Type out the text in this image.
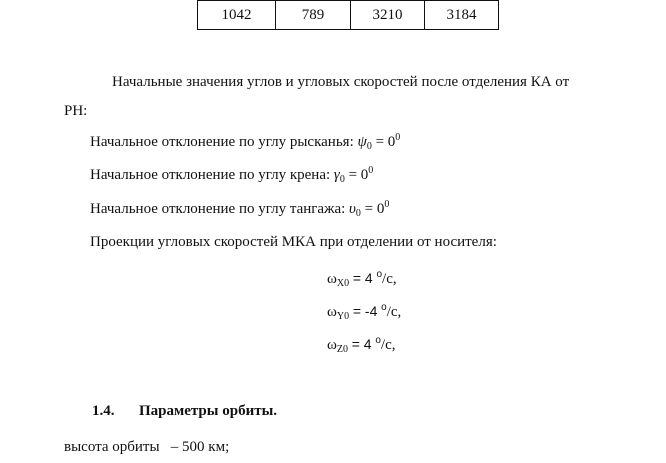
1042	789	3210	3184
Начальные значения углов и угловых скоростей после отделения КА от
РН:
Начальное отклонение по углу рысканья: $\psi_0 = 0^0$
Начальное отклонение по углу крена: $\gamma_0 = 0^0$
Начальное отклонение по углу тангажа: $\upsilon_0 = 0^0$
Проекции угловых скоростей МКА при отделении от носителя:
$\omega_{X0} = 4$ $^o$/с,
$\omega_{Y0} = -4$ $^o$/с,
$\omega_{Z0} = 4$ $^o$/с,
1.4. Параметры орбиты.
высота орбиты   – 500 км;
